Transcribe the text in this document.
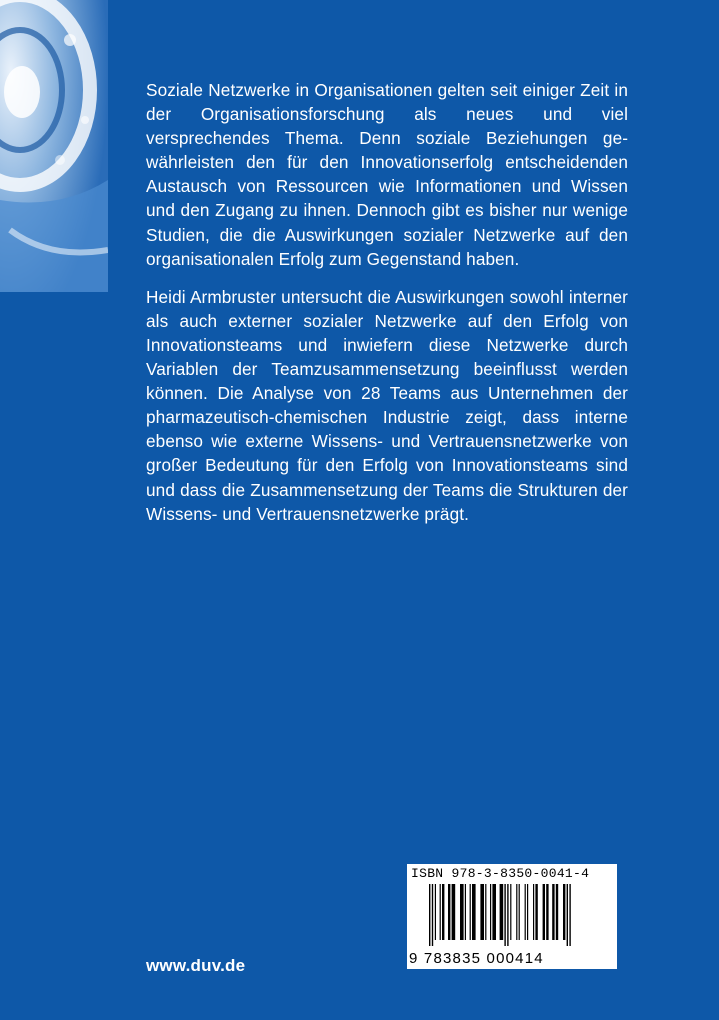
Soziale Netzwerke in Organisationen gelten seit einiger Zeit in der Organisationsforschung als neues und viel versprechendes Thema. Denn soziale Beziehungen gewährleisten den für den Innovationserfolg entscheidenden Austausch von Ressourcen wie Informationen und Wissen und den Zugang zu ihnen. Dennoch gibt es bisher nur wenige Studien, die die Auswirkungen sozialer Netzwerke auf den organisationalen Erfolg zum Gegenstand haben.

Heidi Armbruster untersucht die Auswirkungen sowohl interner als auch externer sozialer Netzwerke auf den Erfolg von Innovationsteams und inwiefern diese Netzwerke durch Variablen der Teamzusammensetzung beeinflusst werden können. Die Analyse von 28 Teams aus Unternehmen der pharmazeutisch-chemischen Industrie zeigt, dass interne ebenso wie externe Wissens- und Vertrauensnetzwerke von großer Bedeutung für den Erfolg von Innovationsteams sind und dass die Zusammensetzung der Teams die Strukturen der Wissens- und Vertrauensnetzwerke prägt.

www.duv.de
ISBN 978-3-8350-0041-4
9 783835 000414
